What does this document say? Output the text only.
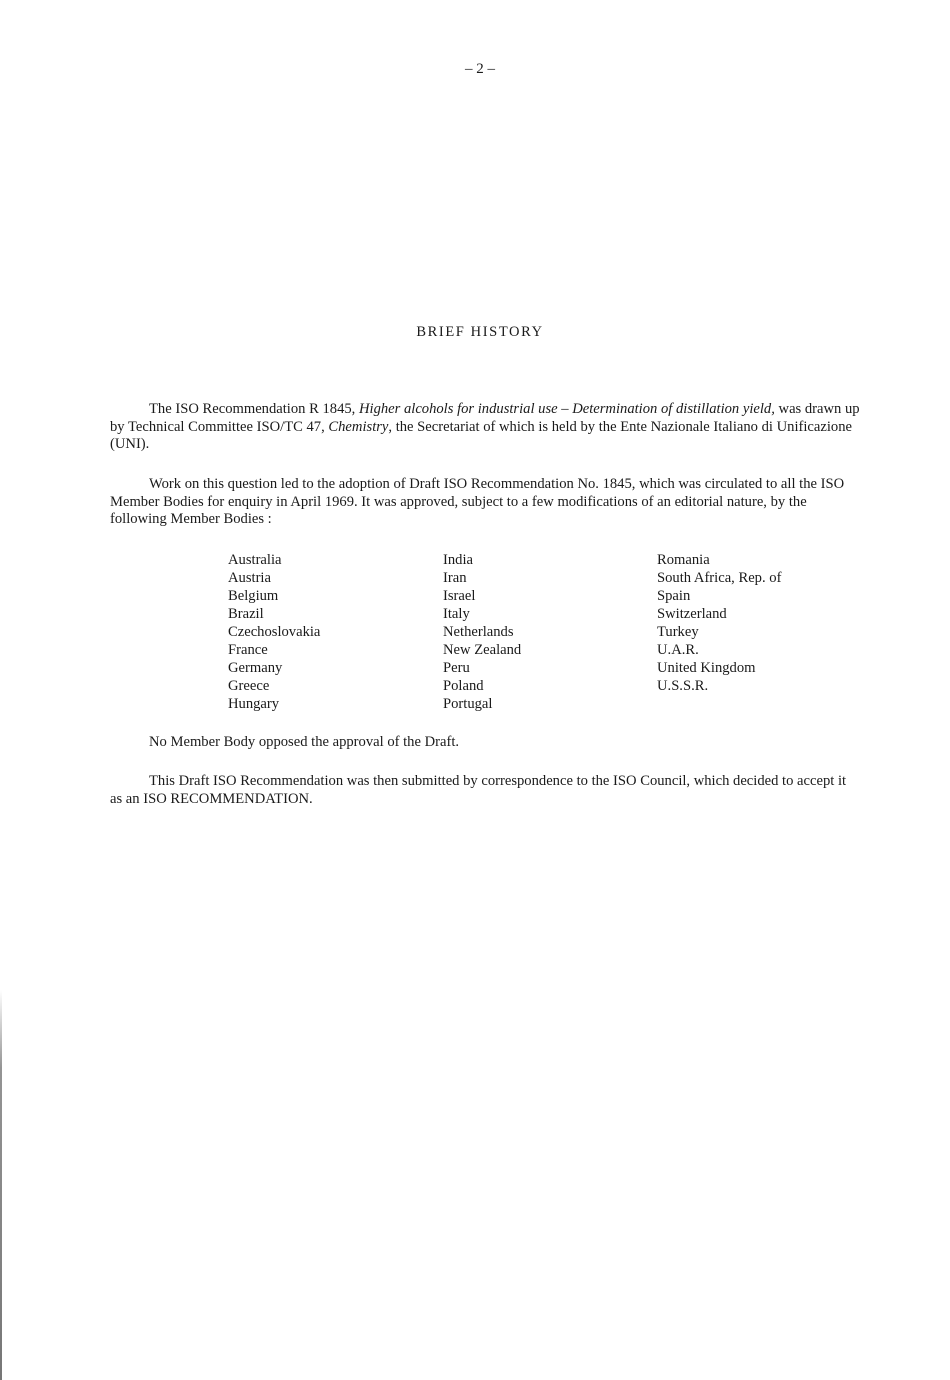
– 2 –
BRIEF HISTORY

The ISO Recommendation R 1845, Higher alcohols for industrial use – Determination of distillation yield, was drawn up by Technical Committee ISO/TC 47, Chemistry, the Secretariat of which is held by the Ente Nazionale Italiano di Unificazione (UNI).

Work on this question led to the adoption of Draft ISO Recommendation No. 1845, which was circulated to all the ISO Member Bodies for enquiry in April 1969. It was approved, subject to a few modifications of an editorial nature, by the following Member Bodies :

Australia
Austria
Belgium
Brazil
Czechoslovakia
France
Germany
Greece
Hungary
India
Iran
Israel
Italy
Netherlands
New Zealand
Peru
Poland
Portugal
Romania
South Africa, Rep. of
Spain
Switzerland
Turkey
U.A.R.
United Kingdom
U.S.S.R.

No Member Body opposed the approval of the Draft.

This Draft ISO Recommendation was then submitted by correspondence to the ISO Council, which decided to accept it as an ISO RECOMMENDATION.
